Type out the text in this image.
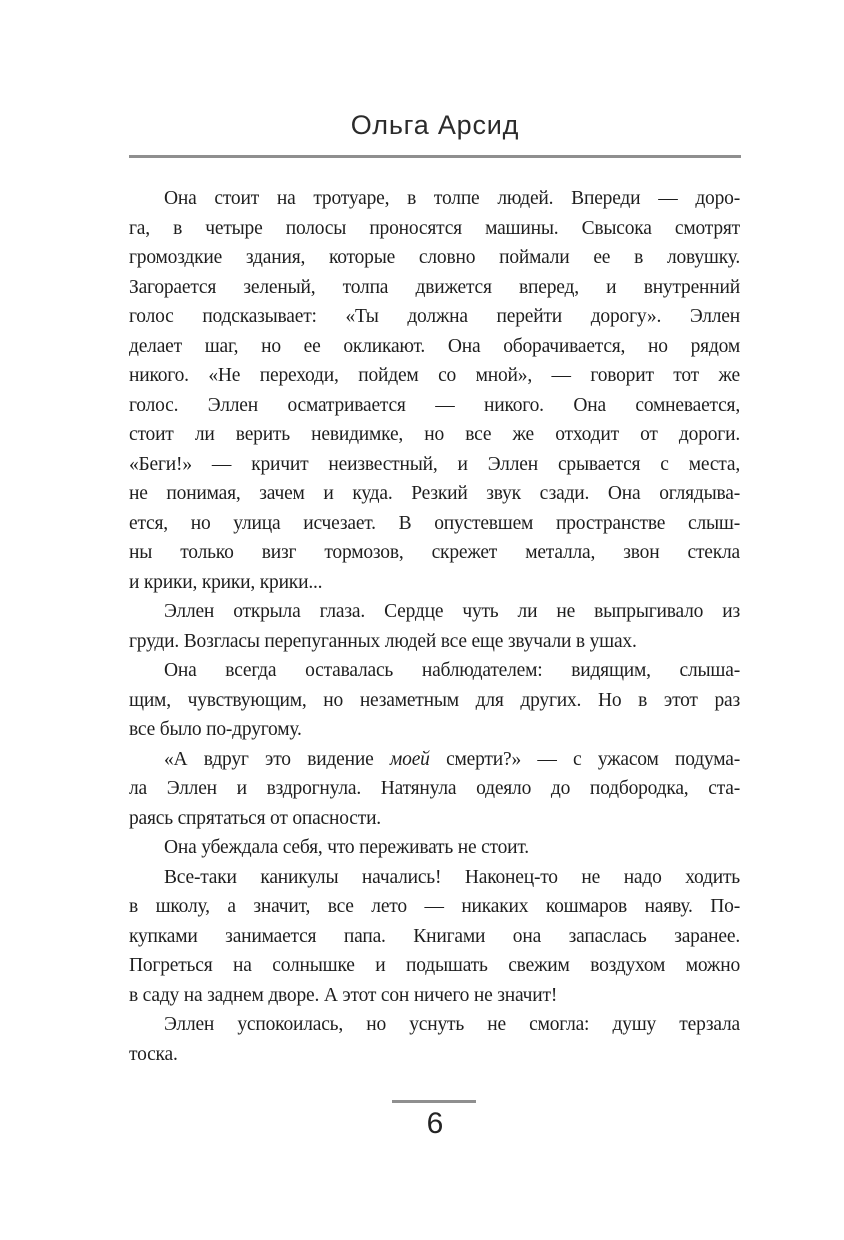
Ольга Арсид
Она стоит на тротуаре, в толпе людей. Впереди — доро-
га, в четыре полосы проносятся машины. Свысока смотрят
громоздкие здания, которые словно поймали ее в ловушку.
Загорается зеленый, толпа движется вперед, и внутренний
голос подсказывает: «Ты должна перейти дорогу». Эллен
делает шаг, но ее окликают. Она оборачивается, но рядом
никого. «Не переходи, пойдем со мной», — говорит тот же
голос. Эллен осматривается — никого. Она сомневается,
стоит ли верить невидимке, но все же отходит от дороги.
«Беги!» — кричит неизвестный, и Эллен срывается с места,
не понимая, зачем и куда. Резкий звук сзади. Она оглядыва-
ется, но улица исчезает. В опустевшем пространстве слыш-
ны только визг тормозов, скрежет металла, звон стекла
и крики, крики, крики...
Эллен открыла глаза. Сердце чуть ли не выпрыгивало из
груди. Возгласы перепуганных людей все еще звучали в ушах.
Она всегда оставалась наблюдателем: видящим, слыша-
щим, чувствующим, но незаметным для других. Но в этот раз
все было по-другому.
«А вдруг это видение моей смерти?» — с ужасом подума-
ла Эллен и вздрогнула. Натянула одеяло до подбородка, ста-
раясь спрятаться от опасности.
Она убеждала себя, что переживать не стоит.
Все-таки каникулы начались! Наконец-то не надо ходить
в школу, а значит, все лето — никаких кошмаров наяву. По-
купками занимается папа. Книгами она запаслась заранее.
Погреться на солнышке и подышать свежим воздухом можно
в саду на заднем дворе. А этот сон ничего не значит!
Эллен успокоилась, но уснуть не смогла: душу терзала
тоска.
6
